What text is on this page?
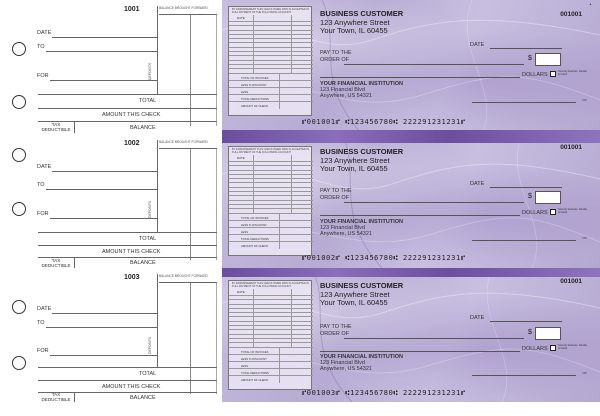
1001	BALANCE BROUGHT FORWARD
DATE
TO
FOR	DEPOSITS
TOTAL
AMOUNT THIS CHECK
TAX DEDUCTIBLE	BALANCE
▲
BY ENDORSEMENT THIS CHECK WHEN PAID IS ACCEPTED IN FULL PAYMENT OF THE FOLLOWING ACCOUNT
DATE
TOTAL OF INVOICES
LESS % DISCOUNT
LESS
TOTAL DEDUCTIONS
AMOUNT OF CHECK
BUSINESS CUSTOMER
123 Anywhere Street
Your Town, IL 60455
001001
DATE
PAY TO THE
ORDER OF	$
DOLLARS
Security features. Details on back.
YOUR FINANCIAL INSTITUTION
123 Financial Blvd
Anywhere, US 54321
MP
⑈001001⑈ ⑆123456780⑆ 222291231231⑈
1002	BALANCE BROUGHT FORWARD
DATE
TO
FOR	DEPOSITS
TOTAL
AMOUNT THIS CHECK
TAX DEDUCTIBLE	BALANCE
BY ENDORSEMENT THIS CHECK WHEN PAID IS ACCEPTED IN FULL PAYMENT OF THE FOLLOWING ACCOUNT
DATE
TOTAL OF INVOICES
LESS % DISCOUNT
LESS
TOTAL DEDUCTIONS
AMOUNT OF CHECK
BUSINESS CUSTOMER
123 Anywhere Street
Your Town, IL 60455
001001
DATE
PAY TO THE
ORDER OF	$
DOLLARS
Security features. Details on back.
YOUR FINANCIAL INSTITUTION
123 Financial Blvd
Anywhere, US 54321
MP
⑈001002⑈ ⑆123456780⑆ 222291231231⑈
1003	BALANCE BROUGHT FORWARD
DATE
TO
FOR	DEPOSITS
TOTAL
AMOUNT THIS CHECK
TAX DEDUCTIBLE	BALANCE
BY ENDORSEMENT THIS CHECK WHEN PAID IS ACCEPTED IN FULL PAYMENT OF THE FOLLOWING ACCOUNT
DATE
TOTAL OF INVOICES
LESS % DISCOUNT
LESS
TOTAL DEDUCTIONS
AMOUNT OF CHECK
BUSINESS CUSTOMER
123 Anywhere Street
Your Town, IL 60455
001001
DATE
PAY TO THE
ORDER OF	$
DOLLARS
Security features. Details on back.
YOUR FINANCIAL INSTITUTION
123 Financial Blvd
Anywhere, US 54321
MP
⑈001003⑈ ⑆123456780⑆ 222291231231⑈
